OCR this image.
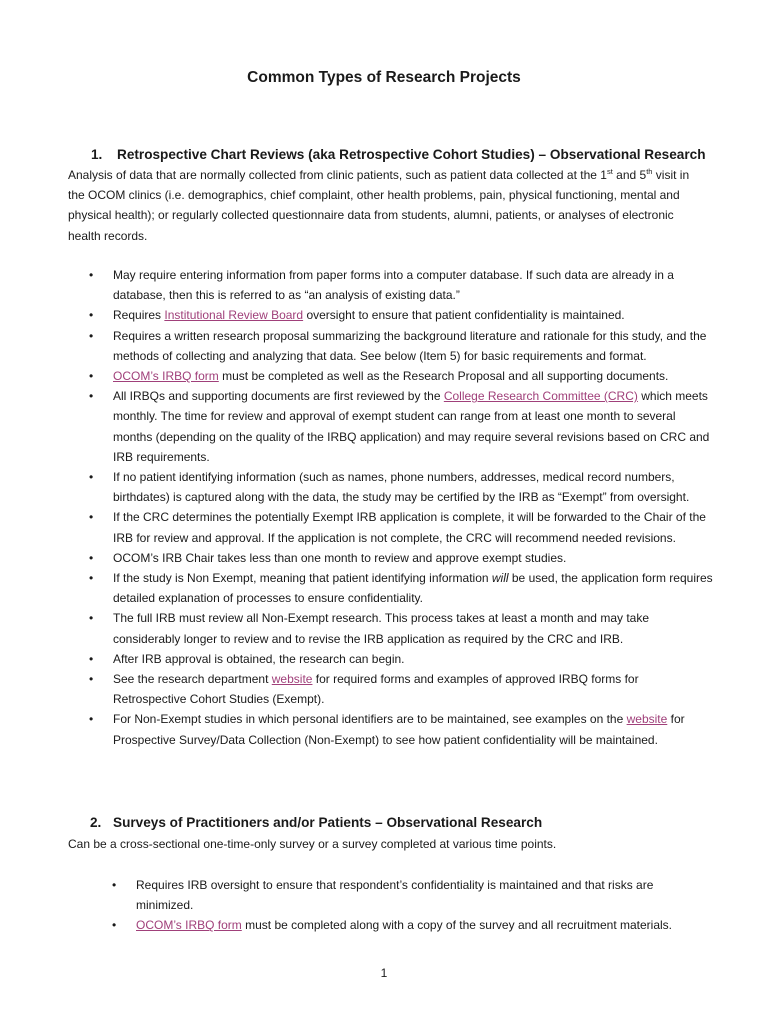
Common Types of Research Projects
1. Retrospective Chart Reviews (aka Retrospective Cohort Studies) – Observational Research

Analysis of data that are normally collected from clinic patients, such as patient data collected at the 1st and 5th visit in the OCOM clinics (i.e. demographics, chief complaint, other health problems, pain, physical functioning, mental and physical health); or regularly collected questionnaire data from students, alumni, patients, or analyses of electronic health records.

• May require entering information from paper forms into a computer database. If such data are already in a database, then this is referred to as “an analysis of existing data.”
• Requires Institutional Review Board oversight to ensure that patient confidentiality is maintained.
• Requires a written research proposal summarizing the background literature and rationale for this study, and the methods of collecting and analyzing that data. See below (Item 5) for basic requirements and format.
• OCOM’s IRBQ form must be completed as well as the Research Proposal and all supporting documents.
• All IRBQs and supporting documents are first reviewed by the College Research Committee (CRC) which meets monthly. The time for review and approval of exempt student can range from at least one month to several months (depending on the quality of the IRBQ application) and may require several revisions based on CRC and IRB requirements.
• If no patient identifying information (such as names, phone numbers, addresses, medical record numbers, birthdates) is captured along with the data, the study may be certified by the IRB as “Exempt” from oversight.
• If the CRC determines the potentially Exempt IRB application is complete, it will be forwarded to the Chair of the IRB for review and approval. If the application is not complete, the CRC will recommend needed revisions.
• OCOM’s IRB Chair takes less than one month to review and approve exempt studies.
• If the study is Non Exempt, meaning that patient identifying information will be used, the application form requires detailed explanation of processes to ensure confidentiality.
• The full IRB must review all Non-Exempt research. This process takes at least a month and may take considerably longer to review and to revise the IRB application as required by the CRC and IRB.
• After IRB approval is obtained, the research can begin.
• See the research department website for required forms and examples of approved IRBQ forms for Retrospective Cohort Studies (Exempt).
• For Non-Exempt studies in which personal identifiers are to be maintained, see examples on the website for Prospective Survey/Data Collection (Non-Exempt) to see how patient confidentiality will be maintained.
2. Surveys of Practitioners and/or Patients – Observational Research

Can be a cross-sectional one-time-only survey or a survey completed at various time points.

• Requires IRB oversight to ensure that respondent’s confidentiality is maintained and that risks are minimized.
• OCOM’s IRBQ form must be completed along with a copy of the survey and all recruitment materials.
1
